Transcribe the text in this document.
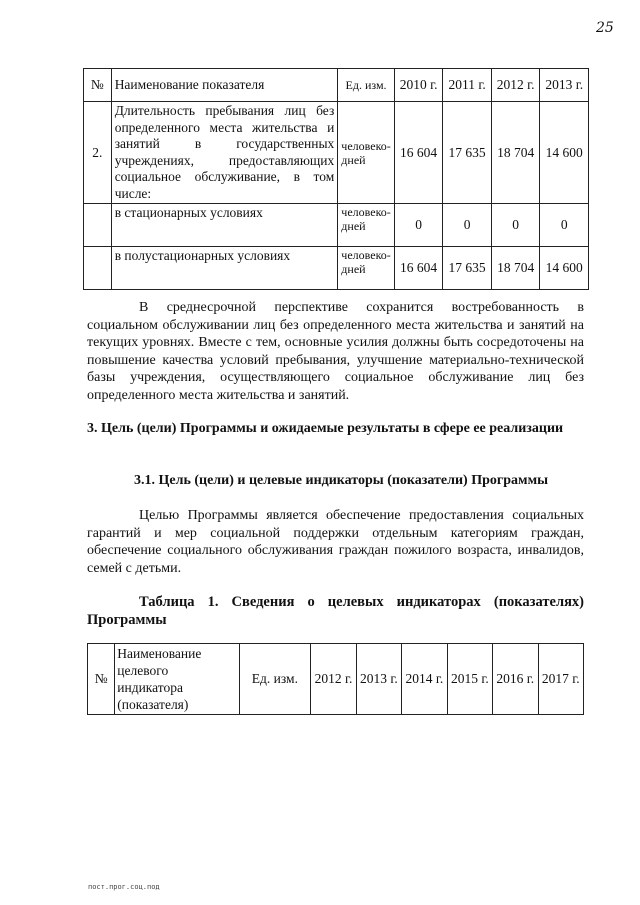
25
№	Наименование показателя	Ед. изм.	2010 г.	2011 г.	2012 г.	2013 г.
2.	Длительность пребывания лиц без определенного места жительства и занятий в государственных учреждениях, предоставляющих социальное обслуживание, в том числе:	человеко-дней	16 604	17 635	18 704	14 600
	в стационарных условиях	человеко-дней	0	0	0	0
	в полустационарных условиях	человеко-дней	16 604	17 635	18 704	14 600

В среднесрочной перспективе сохранится востребованность в социальном обслуживании лиц без определенного места жительства и занятий на текущих уровнях. Вместе с тем, основные усилия должны быть сосредоточены на повышение качества условий пребывания, улучшение материально-технической базы учреждения, осуществляющего социальное обслуживание лиц без определенного места жительства и занятий.

3. Цель (цели) Программы и ожидаемые результаты в сфере ее реализации

3.1. Цель (цели) и целевые индикаторы (показатели) Программы

Целью Программы является обеспечение предоставления социальных гарантий и мер социальной поддержки отдельным категориям граждан, обеспечение социального обслуживания граждан пожилого возраста, инвалидов, семей с детьми.

Таблица 1. Сведения о целевых индикаторах (показателях) Программы

№	Наименование целевого индикатора (показателя)	Ед. изм.	2012 г.	2013 г.	2014 г.	2015 г.	2016 г.	2017 г.
пост.прог.соц.под
